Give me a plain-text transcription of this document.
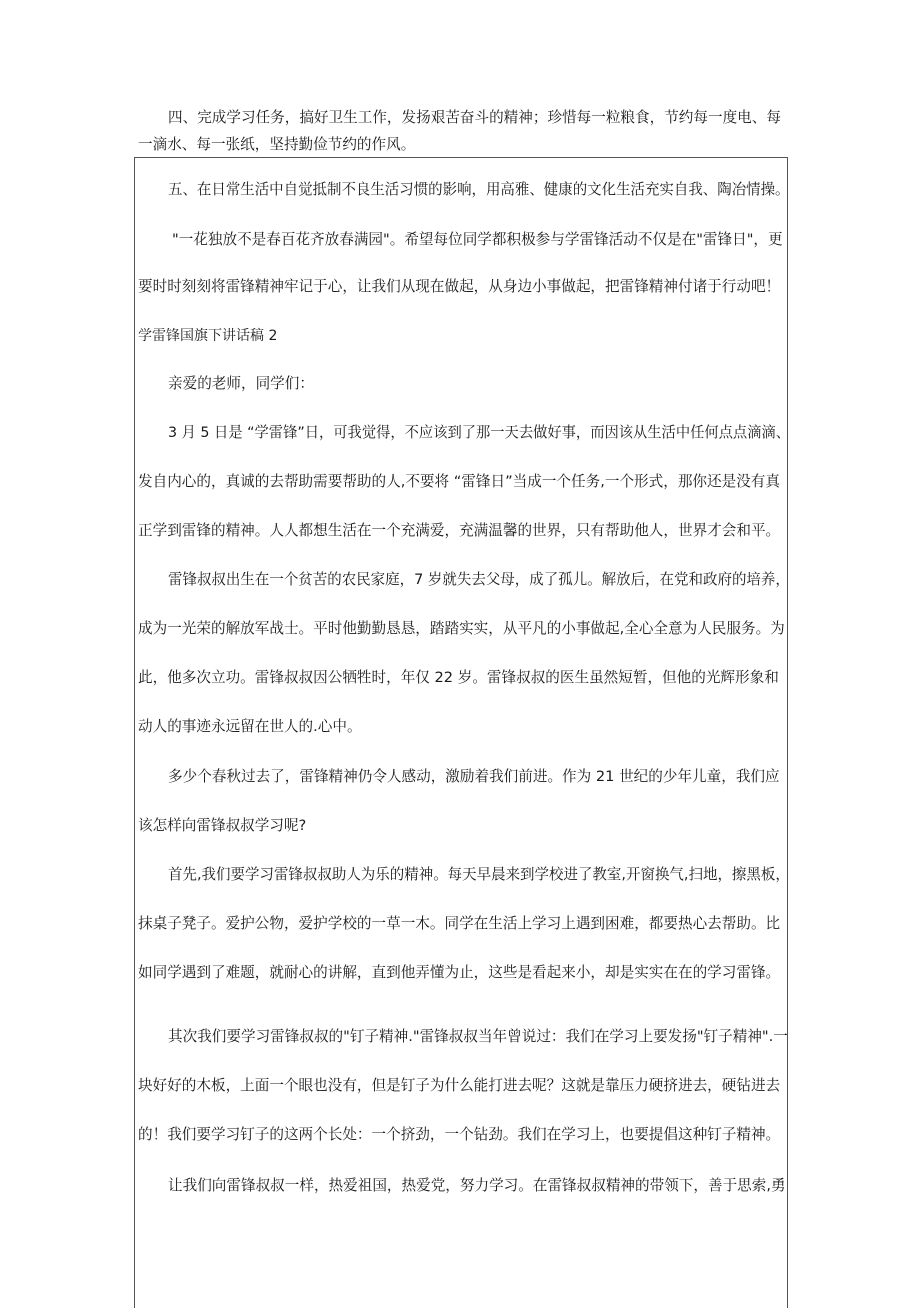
四、完成学习任务，搞好卫生工作，发扬艰苦奋斗的精神；珍惜每一粒粮食，节约每一度电、每
一滴水、每一张纸，坚持勤俭节约的作风。
五、在日常生活中自觉抵制不良生活习惯的影响，用高雅、健康的文化生活充实自我、陶冶情操。
"一花独放不是春百花齐放春满园"。希望每位同学都积极参与学雷锋活动不仅是在"雷锋日"，更
要时时刻刻将雷锋精神牢记于心，让我们从现在做起，从身边小事做起，把雷锋精神付诸于行动吧！
学雷锋国旗下讲话稿 2
亲爱的老师，同学们：
3 月 5 日是 “学雷锋”日，可我觉得，不应该到了那一天去做好事，而因该从生活中任何点点滴滴、
发自内心的，真诚的去帮助需要帮助的人,不要将 “雷锋日”当成一个任务,一个形式，那你还是没有真
正学到雷锋的精神。人人都想生活在一个充满爱，充满温馨的世界，只有帮助他人，世界才会和平。
雷锋叔叔出生在一个贫苦的农民家庭，7 岁就失去父母，成了孤儿。解放后，在党和政府的培养，
成为一光荣的解放军战士。平时他勤勤恳恳，踏踏实实，从平凡的小事做起,全心全意为人民服务。为
此，他多次立功。雷锋叔叔因公牺牲时，年仅 22 岁。雷锋叔叔的医生虽然短暂，但他的光辉形象和
动人的事迹永远留在世人的.心中。
多少个春秋过去了，雷锋精神仍令人感动，激励着我们前进。作为 21 世纪的少年儿童，我们应
该怎样向雷锋叔叔学习呢?
首先,我们要学习雷锋叔叔助人为乐的精神。每天早晨来到学校进了教室,开窗换气,扫地，擦黑板，
抹桌子凳子。爱护公物，爱护学校的一草一木。同学在生活上学习上遇到困难，都要热心去帮助。比
如同学遇到了难题，就耐心的讲解，直到他弄懂为止，这些是看起来小，却是实实在在的学习雷锋。
其次我们要学习雷锋叔叔的"钉子精神."雷锋叔叔当年曾说过：我们在学习上要发扬"钉子精神".一
块好好的木板，上面一个眼也没有，但是钉子为什么能打进去呢？这就是靠压力硬挤进去，硬钻进去
的！我们要学习钉子的这两个长处：一个挤劲，一个钻劲。我们在学习上，也要提倡这种钉子精神。
让我们向雷锋叔叔一样，热爱祖国，热爱党，努力学习。在雷锋叔叔精神的带领下，善于思索,勇
